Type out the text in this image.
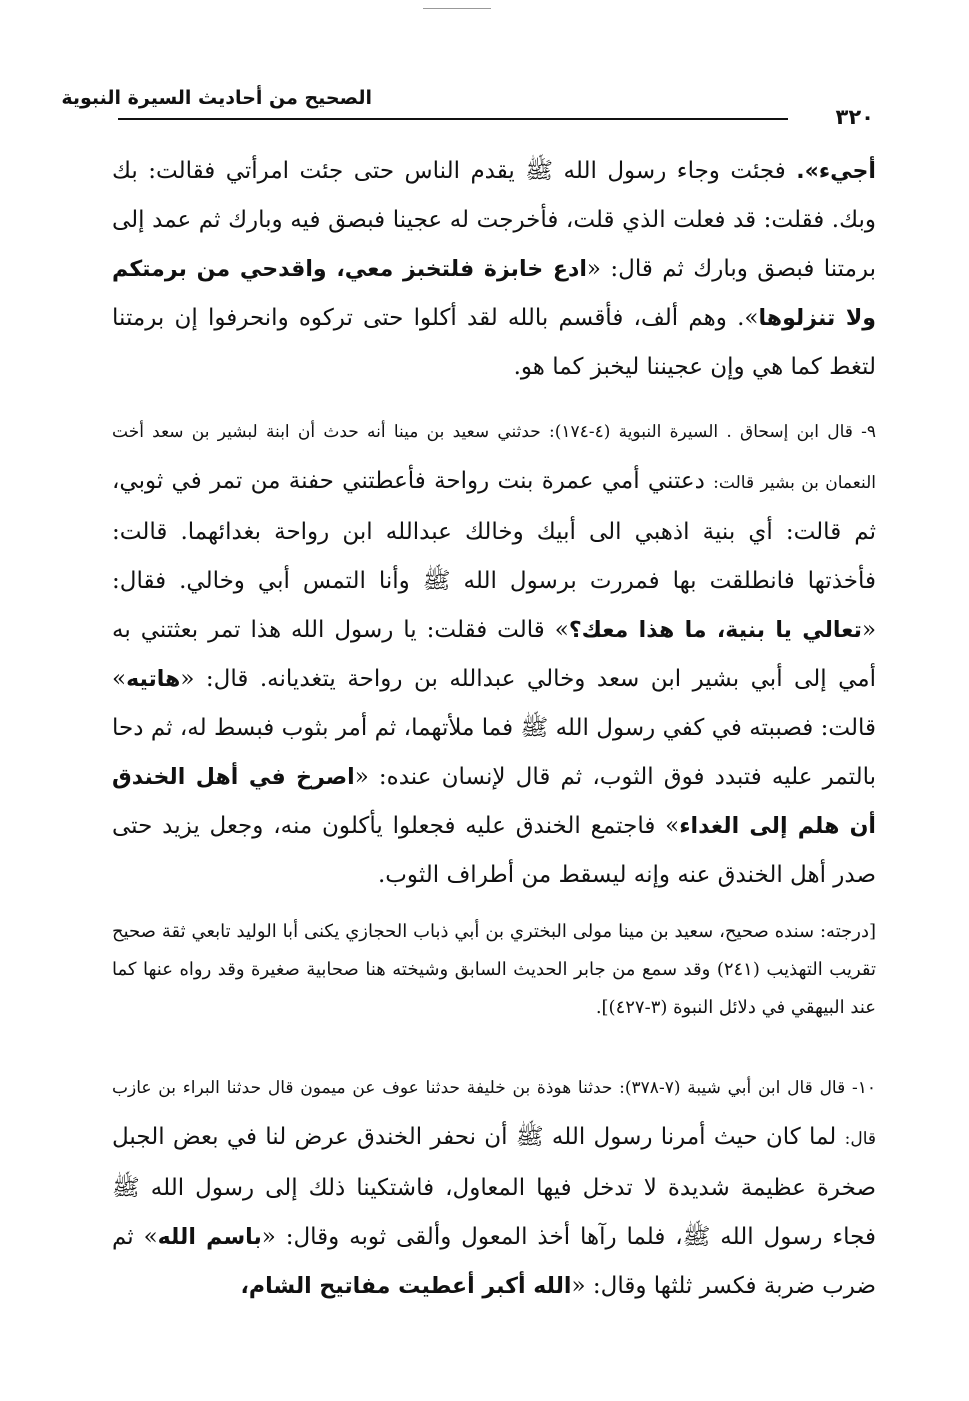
الصحيح من أحاديث السيرة النبوية
٣٢٠

أجيء». فجئت وجاء رسول الله ﷺ يقدم الناس حتى جئت امرأتي فقالت: بك وبك. فقلت: قد فعلت الذي قلت، فأخرجت له عجينا فبصق فيه وبارك ثم عمد إلى برمتنا فبصق وبارك ثم قال: «ادع خابزة فلتخبز معي، واقدحي من برمتكم ولا تنزلوها». وهم ألف، فأقسم بالله لقد أكلوا حتى تركوه وانحرفوا إن برمتنا لتغط كما هي وإن عجيننا ليخبز كما هو.

٩- قال ابن إسحاق . السيرة النبوية (٤-١٧٤): حدثني سعيد بن مينا أنه حدث أن ابنة لبشير بن سعد أخت النعمان بن بشير قالت: دعتني أمي عمرة بنت رواحة فأعطتني حفنة من تمر في ثوبي، ثم قالت: أي بنية اذهبي الى أبيك وخالك عبدالله ابن رواحة بغدائهما. قالت: فأخذتها فانطلقت بها فمررت برسول الله ﷺ وأنا التمس أبي وخالي. فقال: «تعالي يا بنية، ما هذا معك؟» قالت فقلت: يا رسول الله هذا تمر بعثتني به أمي إلى أبي بشير ابن سعد وخالي عبدالله بن رواحة يتغديانه. قال: «هاتيه» قالت: فصببته في كفي رسول الله ﷺ فما ملأتهما، ثم أمر بثوب فبسط له، ثم دحا بالتمر عليه فتبدد فوق الثوب، ثم قال لإنسان عنده: «اصرخ في أهل الخندق أن هلم إلى الغداء» فاجتمع الخندق عليه فجعلوا يأكلون منه، وجعل يزيد حتى صدر أهل الخندق عنه وإنه ليسقط من أطراف الثوب.

[درجته: سنده صحيح، سعيد بن مينا مولى البختري بن أبي ذباب الحجازي يكنى أبا الوليد تابعي ثقة صحيح تقريب التهذيب (٢٤١) وقد سمع من جابر الحديث السابق وشيخته هنا صحابية صغيرة وقد رواه عنها كما عند البيهقي في دلائل النبوة (٣-٤٢٧)].

١٠- قال قال ابن أبي شيبة (٧-٣٧٨): حدثنا هوذة بن خليفة حدثنا عوف عن ميمون قال حدثنا البراء بن عازب قال: لما كان حيث أمرنا رسول الله ﷺ أن نحفر الخندق عرض لنا في بعض الجبل صخرة عظيمة شديدة لا تدخل فيها المعاول، فاشتكينا ذلك إلى رسول الله ﷺ فجاء رسول الله ﷺ، فلما رآها أخذ المعول وألقى ثوبه وقال: «باسم الله» ثم ضرب ضربة فكسر ثلثها وقال: «الله أكبر أعطيت مفاتيح الشام،
